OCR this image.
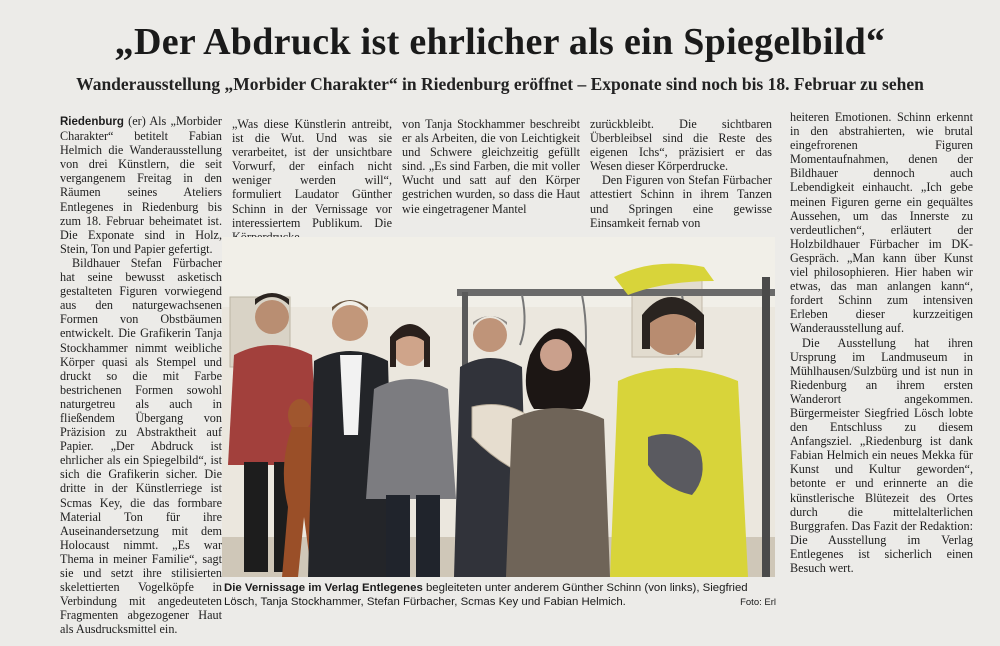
„Der Abdruck ist ehrlicher als ein Spiegelbild“
Wanderausstellung „Morbider Charakter“ in Riedenburg eröffnet – Exponate sind noch bis 18. Februar zu sehen

Riedenburg (er) Als „Morbider Charakter“ betitelt Fabian Helmich die Wanderausstellung von drei Künstlern, die seit vergangenem Freitag in den Räumen seines Ateliers Entlegenes in Riedenburg bis zum 18. Februar beheimatet ist. Die Exponate sind in Holz, Stein, Ton und Papier gefertigt.

Bildhauer Stefan Fürbacher hat seine bewusst asketisch gestalteten Figuren vorwiegend aus den naturgewachsenen Formen von Obstbäumen entwickelt. Die Grafikerin Tanja Stockhammer nimmt weibliche Körper quasi als Stempel und druckt so die mit Farbe bestrichenen Formen sowohl naturgetreu als auch in fließendem Übergang von Präzision zu Abstraktheit auf Papier. „Der Abdruck ist ehrlicher als ein Spiegelbild“, ist sich die Grafikerin sicher. Die dritte in der Künstlerriege ist Scmas Key, die das formbare Material Ton für ihre Auseinandersetzung mit dem Holocaust nimmt. „Es war Thema in meiner Familie“, sagt sie und setzt ihre stilisierten skelettierten Vogelköpfe in Verbindung mit angedeuteten Fragmenten abgezogener Haut als Ausdrucksmittel ein.

„Was diese Künstlerin antreibt, ist die Wut. Und was sie verarbeitet, ist der unsichtbare Vorwurf, der einfach nicht weniger werden will“, formuliert Laudator Günther Schinn in der Vernissage vor interessiertem Publikum. Die

von Tanja Stockhammer beschreibt er als Arbeiten, die von Leichtigkeit und Schwere gleichzeitig gefüllt sind. „Es sind Farben, die mit voller Wucht und satt auf den Körper gestrichen wurden, so dass die Haut wie eingetragener Mantel

zurückbleibt. Die sichtbaren Überbleibsel sind die Reste des eigenen Ichs“, präzisiert er das Wesen dieser Körperdrucke.

Den Figuren von Stefan Fürbacher attestiert Schinn in ihrem Tanzen und Springen eine gewisse Einsamkeit fernab von

heiteren Emotionen. Schinn erkennt in den abstrahierten, wie brutal eingefrorenen Figuren Momentaufnahmen, denen der Bildhauer dennoch auch Lebendigkeit einhaucht. „Ich gebe meinen Figuren gerne ein gequältes Aussehen, um das Innerste zu verdeutlichen“, erläutert der Holzbildhauer Fürbacher im DK-Gespräch. „Man kann über Kunst viel philosophieren. Hier haben wir etwas, das man anlangen kann“, fordert Schinn zum intensiven Erleben dieser kurzzeitigen Wanderausstellung auf.

Die Ausstellung hat ihren Ursprung im Landmuseum in Mühlhausen/Sulzbürg und ist nun in Riedenburg an ihrem ersten Wanderort angekommen. Bürgermeister Siegfried Lösch lobte den Entschluss zu diesem Anfangsziel. „Riedenburg ist dank Fabian Helmich ein neues Mekka für Kunst und Kultur geworden“, betonte er und erinnerte an die künstlerische Blütezeit des Ortes durch die mittelalterlichen Burggrafen. Das Fazit der Redaktion: Die Ausstellung im Verlag Entlegenes ist sicherlich einen Besuch wert.

Die Vernissage im Verlag Entlegenes begleiteten unter anderem Günther Schinn (von links), Siegfried Lösch, Tanja Stockhammer, Stefan Fürbacher, Scmas Key und Fabian Helmich.	Foto: Erl
